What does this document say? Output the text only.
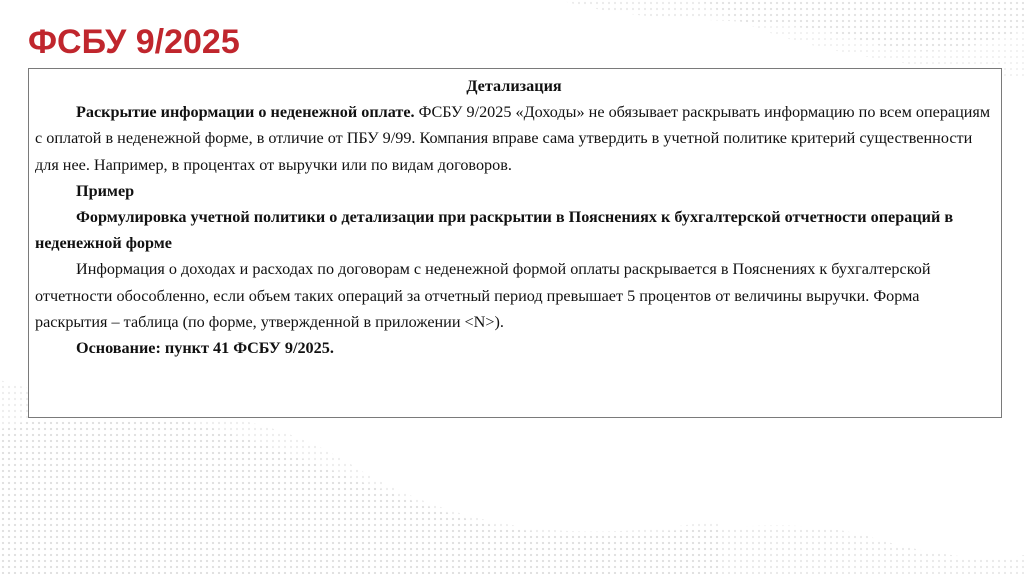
ФСБУ 9/2025
Детализация

Раскрытие информации о неденежной оплате. ФСБУ 9/2025 «Доходы» не обязывает раскрывать информацию по всем операциям с оплатой в неденежной форме, в отличие от ПБУ 9/99. Компания вправе сама утвердить в учетной политике критерий существенности для нее. Например, в процентах от выручки или по видам договоров.

Пример

Формулировка учетной политики о детализации при раскрытии в Пояснениях к бухгалтерской отчетности операций в неденежной форме

Информация о доходах и расходах по договорам с неденежной формой оплаты раскрывается в Пояснениях к бухгалтерской отчетности обособленно, если объем таких операций за отчетный период превышает 5 процентов от величины выручки. Форма раскрытия – таблица (по форме, утвержденной в приложении <N>).

Основание: пункт 41 ФСБУ 9/2025.
